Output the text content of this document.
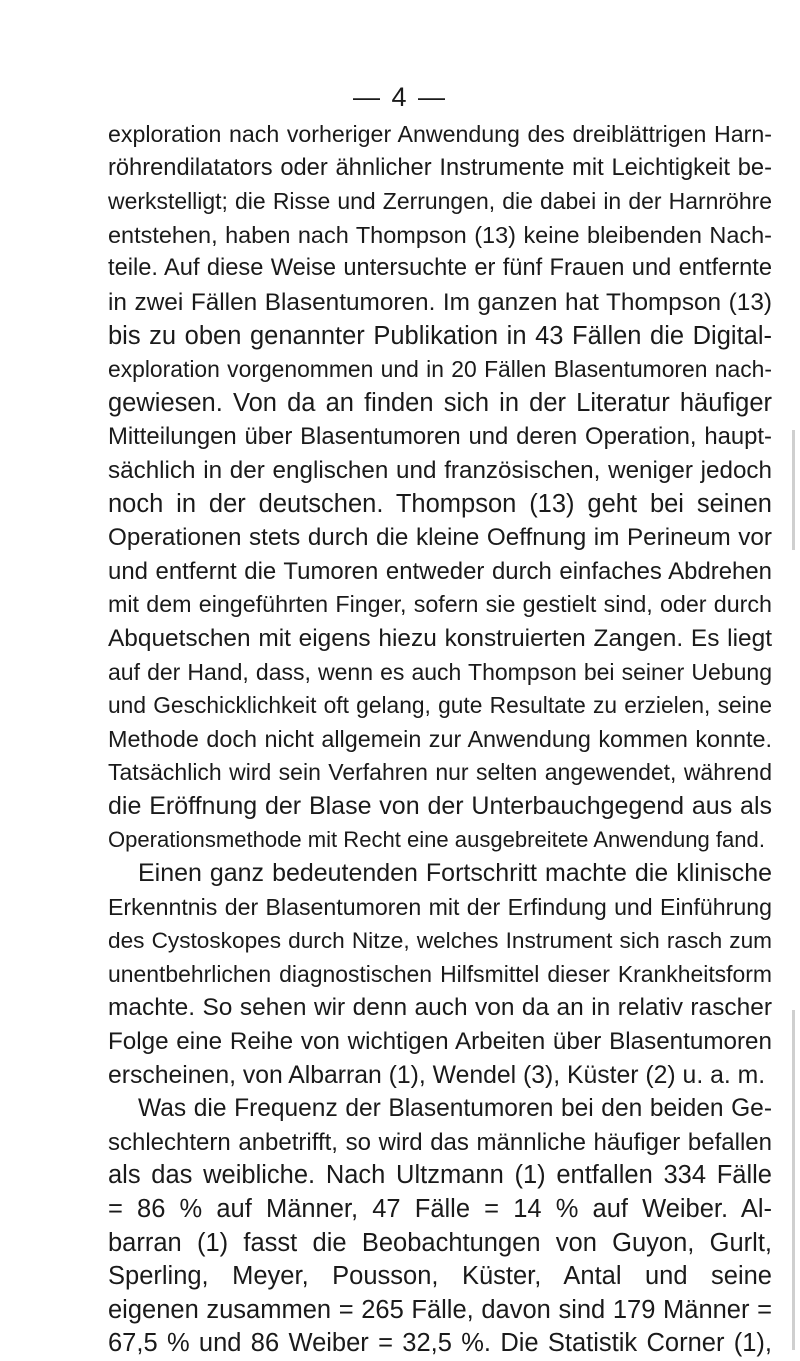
— 4 —
exploration nach vorheriger Anwendung des dreiblättrigen Harn-
röhrendilatators oder ähnlicher Instrumente mit Leichtigkeit be-
werkstelligt; die Risse und Zerrungen, die dabei in der Harnröhre
entstehen, haben nach Thompson (13) keine bleibenden Nach-
teile. Auf diese Weise untersuchte er fünf Frauen und entfernte
in zwei Fällen Blasentumoren. Im ganzen hat Thompson (13)
bis zu oben genannter Publikation in 43 Fällen die Digital-
exploration vorgenommen und in 20 Fällen Blasentumoren nach-
gewiesen. Von da an finden sich in der Literatur häufiger
Mitteilungen über Blasentumoren und deren Operation, haupt-
sächlich in der englischen und französischen, weniger jedoch
noch in der deutschen. Thompson (13) geht bei seinen
Operationen stets durch die kleine Oeffnung im Perineum vor
und entfernt die Tumoren entweder durch einfaches Abdrehen
mit dem eingeführten Finger, sofern sie gestielt sind, oder durch
Abquetschen mit eigens hiezu konstruierten Zangen. Es liegt
auf der Hand, dass, wenn es auch Thompson bei seiner Uebung
und Geschicklichkeit oft gelang, gute Resultate zu erzielen, seine
Methode doch nicht allgemein zur Anwendung kommen konnte.
Tatsächlich wird sein Verfahren nur selten angewendet, während
die Eröffnung der Blase von der Unterbauchgegend aus als
Operationsmethode mit Recht eine ausgebreitete Anwendung fand.
Einen ganz bedeutenden Fortschritt machte die klinische
Erkenntnis der Blasentumoren mit der Erfindung und Einführung
des Cystoskopes durch Nitze, welches Instrument sich rasch zum
unentbehrlichen diagnostischen Hilfsmittel dieser Krankheitsform
machte. So sehen wir denn auch von da an in relativ rascher
Folge eine Reihe von wichtigen Arbeiten über Blasentumoren
erscheinen, von Albarran (1), Wendel (3), Küster (2) u. a. m.
Was die Frequenz der Blasentumoren bei den beiden Ge-
schlechtern anbetrifft, so wird das männliche häufiger befallen
als das weibliche. Nach Ultzmann (1) entfallen 334 Fälle
= 86 % auf Männer, 47 Fälle = 14 % auf Weiber. Al-
barran (1) fasst die Beobachtungen von Guyon, Gurlt,
Sperling, Meyer, Pousson, Küster, Antal und seine
eigenen zusammen = 265 Fälle, davon sind 179 Männer =
67,5 % und 86 Weiber = 32,5 %. Die Statistik Corner (1),
